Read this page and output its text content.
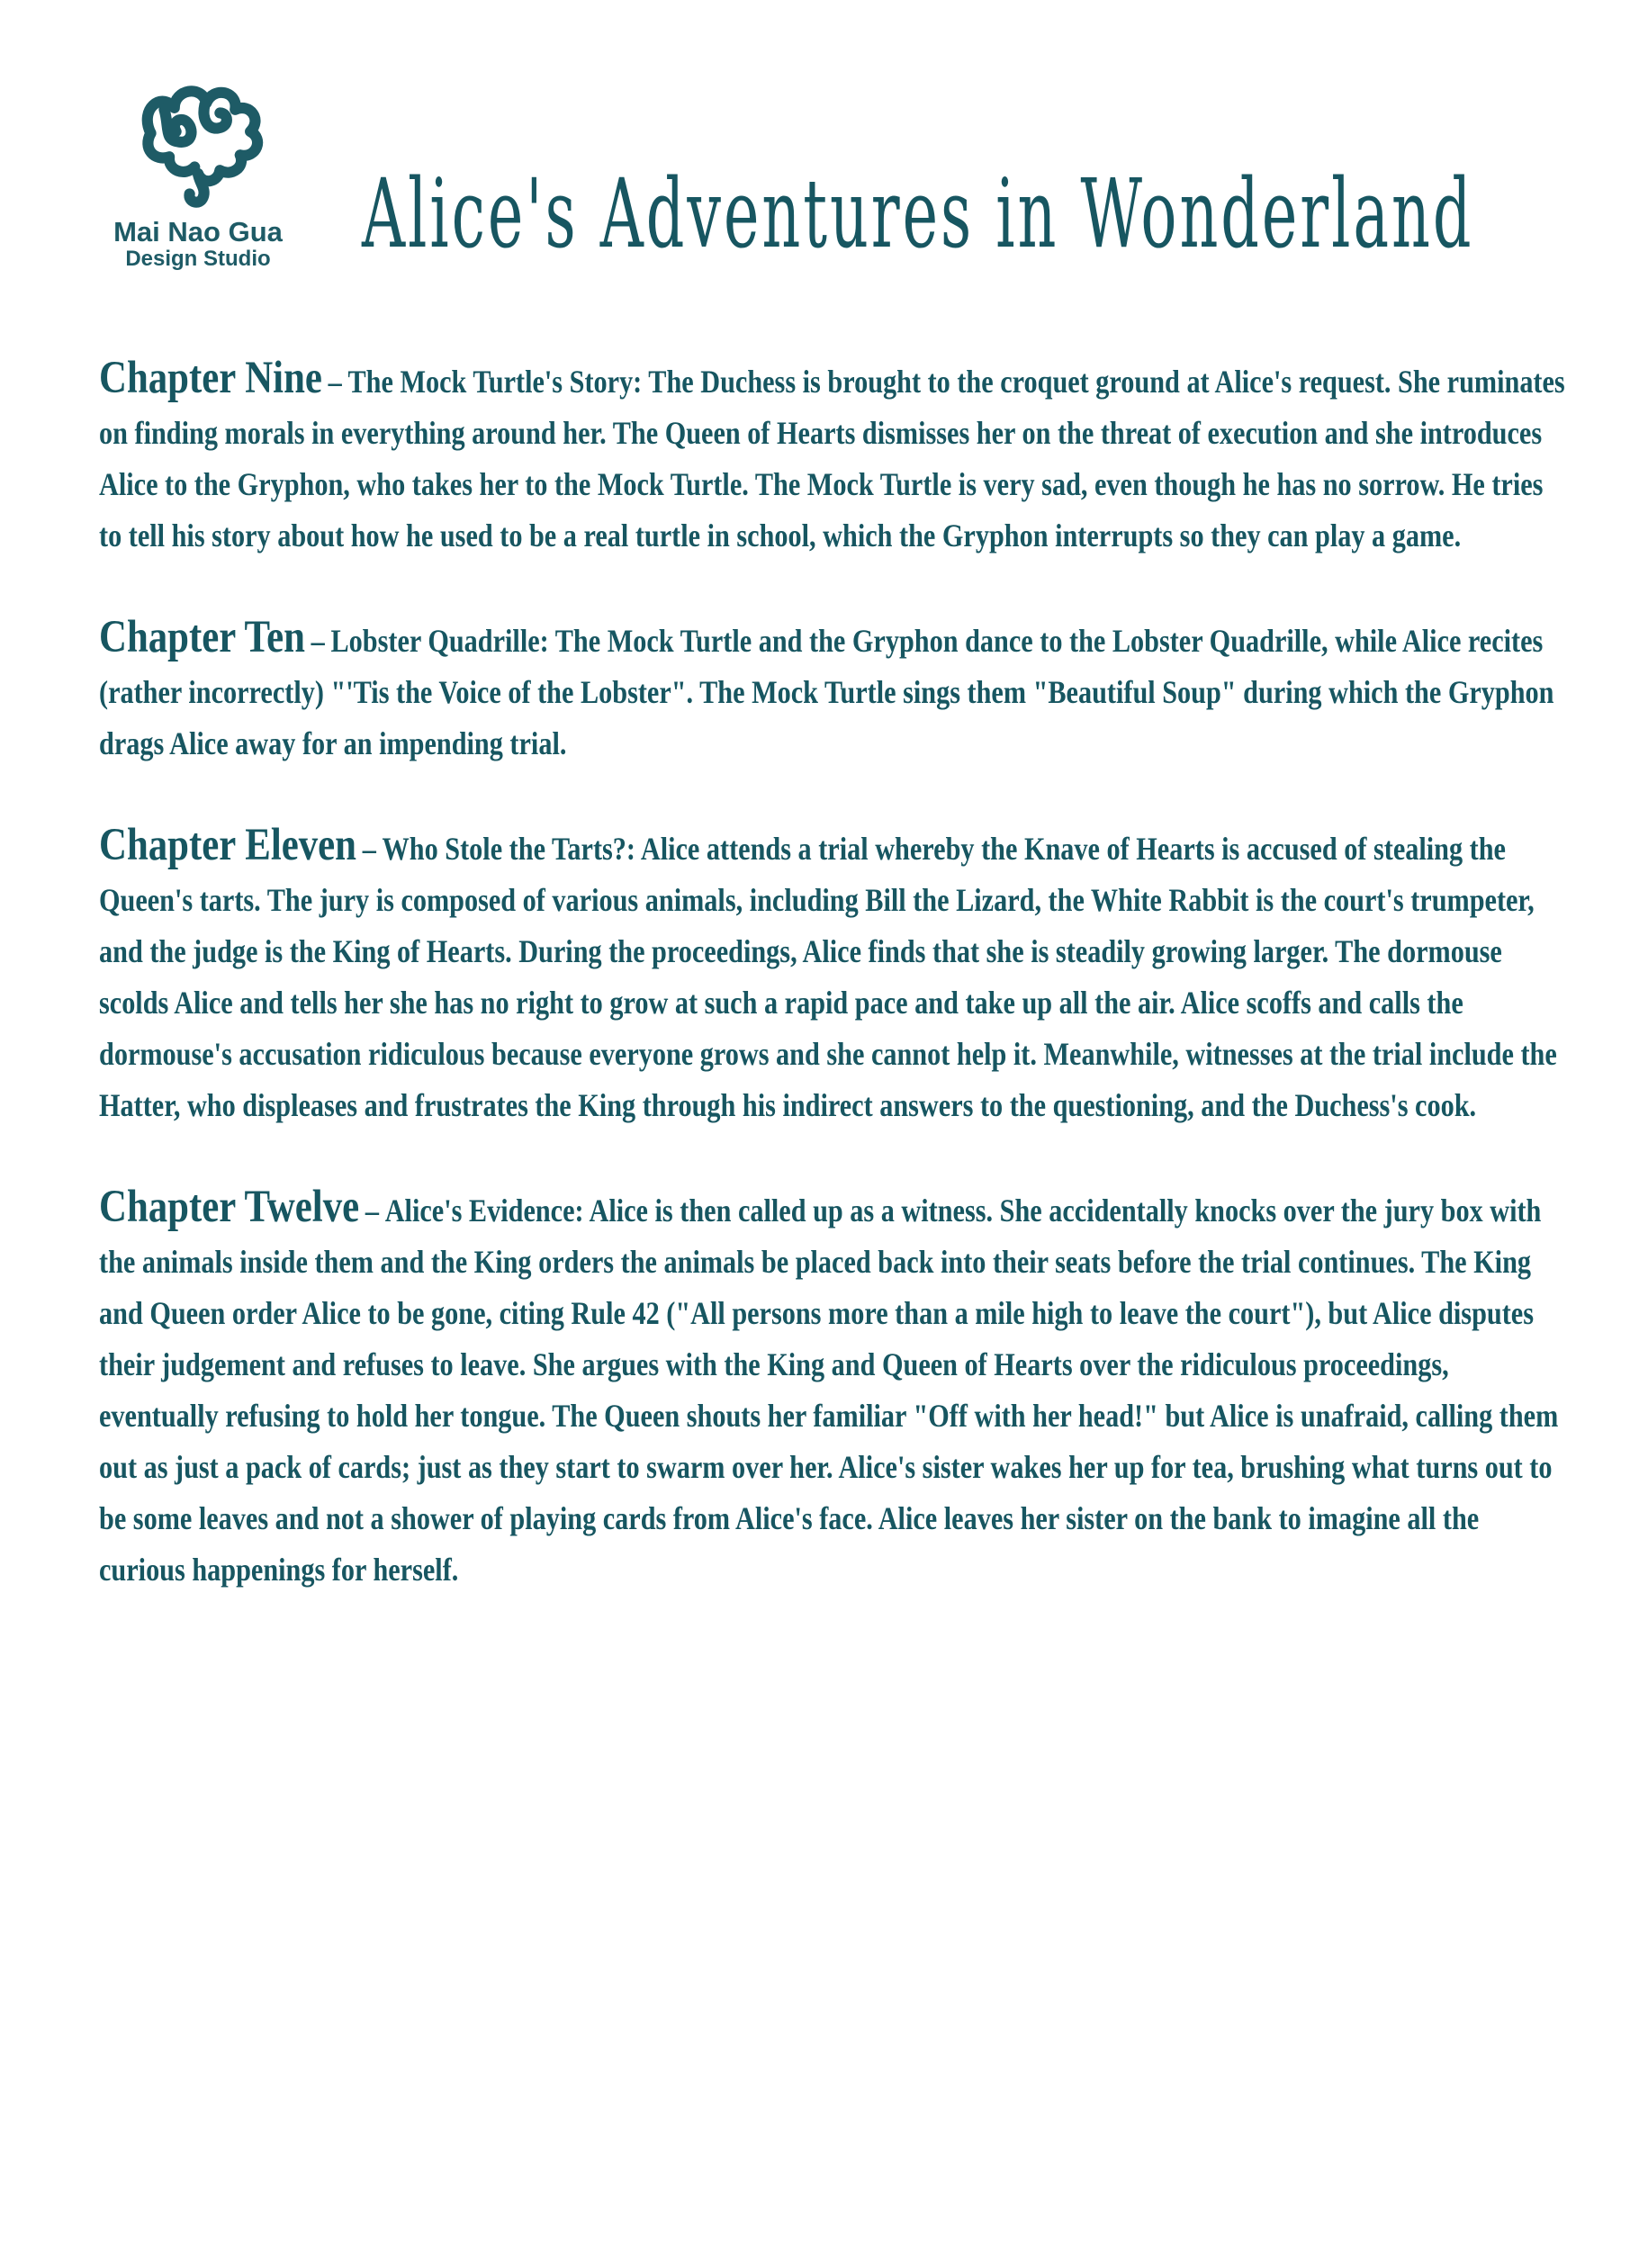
Mai Nao Gua
Design Studio	Alice's Adventures in Wonderland

Chapter Nine – The Mock Turtle's Story: The Duchess is brought to the croquet ground at Alice's request. She ruminates on finding morals in everything around her. The Queen of Hearts dismisses her on the threat of execution and she introduces Alice to the Gryphon, who takes her to the Mock Turtle. The Mock Turtle is very sad, even though he has no sorrow. He tries to tell his story about how he used to be a real turtle in school, which the Gryphon interrupts so they can play a game.

Chapter Ten – Lobster Quadrille: The Mock Turtle and the Gryphon dance to the Lobster Quadrille, while Alice recites (rather incorrectly) "'Tis the Voice of the Lobster". The Mock Turtle sings them "Beautiful Soup" during which the Gryphon drags Alice away for an impending trial.

Chapter Eleven – Who Stole the Tarts?: Alice attends a trial whereby the Knave of Hearts is accused of stealing the Queen's tarts. The jury is composed of various animals, including Bill the Lizard, the White Rabbit is the court's trumpeter, and the judge is the King of Hearts. During the proceedings, Alice finds that she is steadily growing larger. The dormouse scolds Alice and tells her she has no right to grow at such a rapid pace and take up all the air. Alice scoffs and calls the dormouse's accusation ridiculous because everyone grows and she cannot help it. Meanwhile, witnesses at the trial include the Hatter, who displeases and frustrates the King through his indirect answers to the questioning, and the Duchess's cook.

Chapter Twelve – Alice's Evidence: Alice is then called up as a witness. She accidentally knocks over the jury box with the animals inside them and the King orders the animals be placed back into their seats before the trial continues. The King and Queen order Alice to be gone, citing Rule 42 ("All persons more than a mile high to leave the court"), but Alice disputes their judgement and refuses to leave. She argues with the King and Queen of Hearts over the ridiculous proceedings, eventually refusing to hold her tongue. The Queen shouts her familiar "Off with her head!" but Alice is unafraid, calling them out as just a pack of cards; just as they start to swarm over her. Alice's sister wakes her up for tea, brushing what turns out to be some leaves and not a shower of playing cards from Alice's face. Alice leaves her sister on the bank to imagine all the curious happenings for herself.
